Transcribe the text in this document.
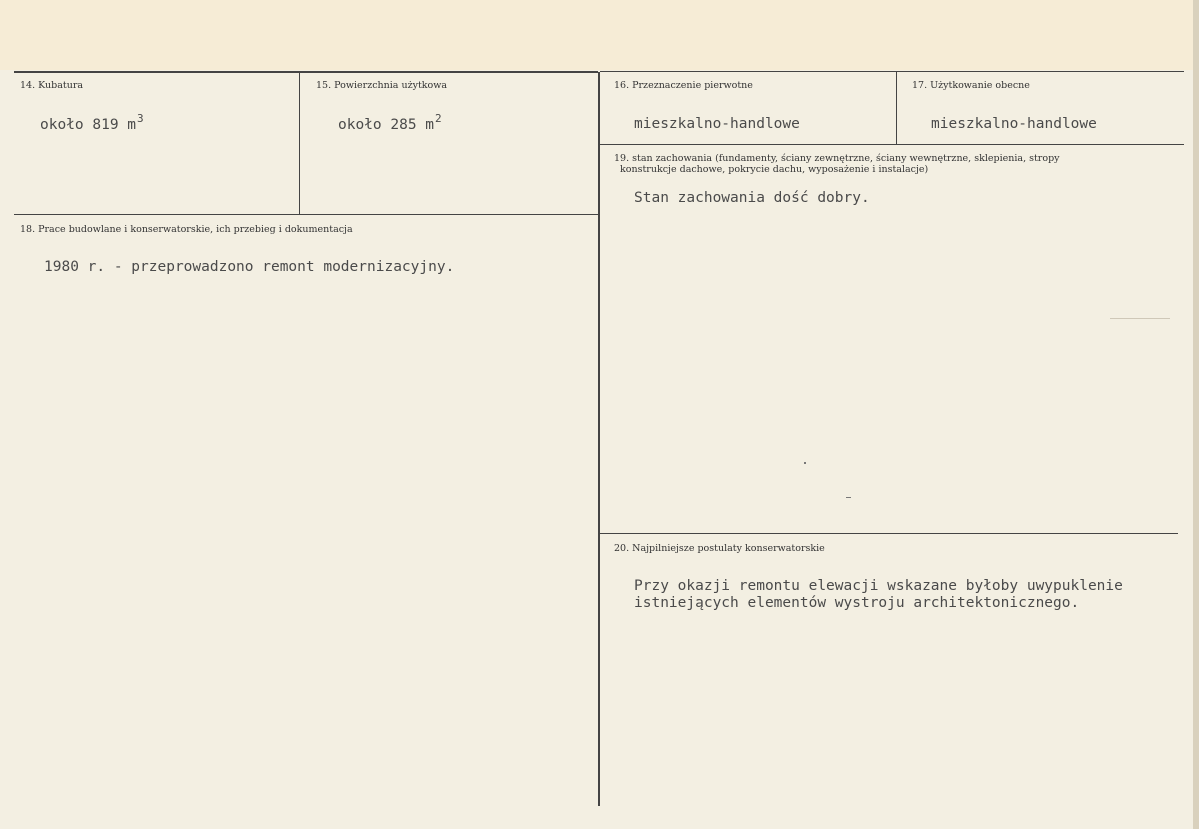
14. Kubatura
około 819 $m^3$
15. Powierzchnia użytkowa
około 285 $m^2$
16. Przeznaczenie pierwotne
mieszkalno-handlowe
17. Użytkowanie obecne
mieszkalno-handlowe
19. stan zachowania (fundamenty, ściany zewnętrzne, ściany wewnętrzne, sklepienia, stropy
konstrukcje dachowe, pokrycie dachu, wyposażenie i instalacje)
Stan zachowania dość dobry.
18. Prace budowlane i konserwatorskie, ich przebieg i dokumentacja
1980 r. - przeprowadzono remont modernizacyjny.
20. Najpilniejsze postulaty konserwatorskie
Przy okazji remontu elewacji wskazane byłoby uwypuklenie
istniejących elementów wystroju architektonicznego.
